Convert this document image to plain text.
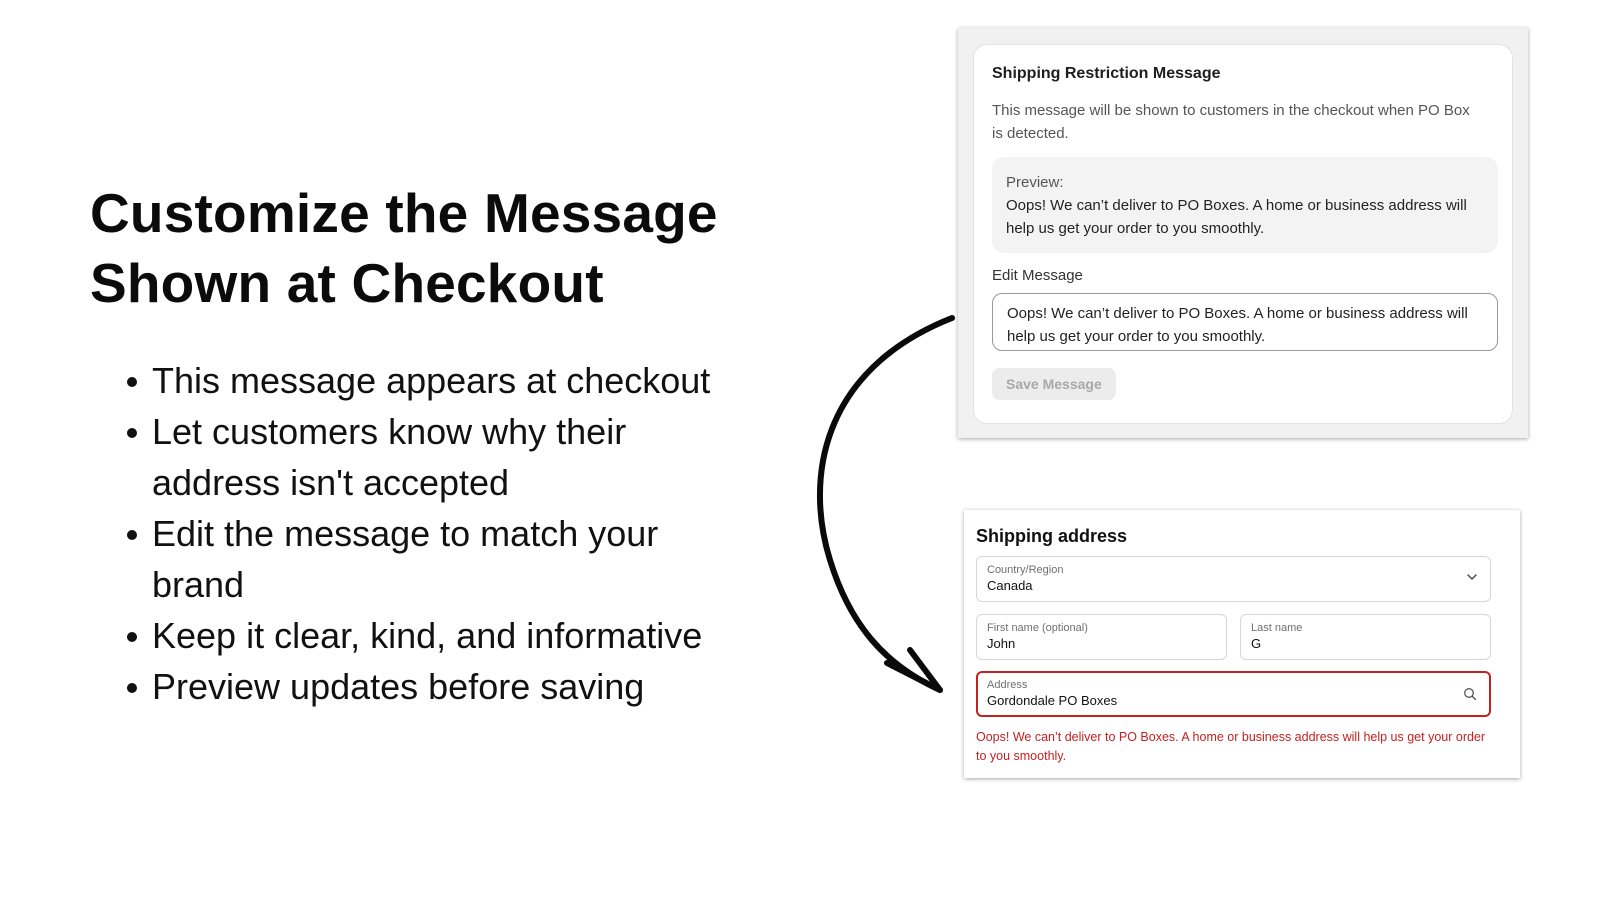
Customize the Message
Shown at Checkout
This message appears at checkout
Let customers know why their
address isn't accepted
Edit the message to match your
brand
Keep it clear, kind, and informative
Preview updates before saving
Shipping Restriction Message
This message will be shown to customers in the checkout when PO Box is detected.
Preview:
Oops! We can’t deliver to PO Boxes. A home or business address will help us get your order to you smoothly.
Edit Message
Oops! We can’t deliver to PO Boxes. A home or business address will help us get your order to you smoothly.
Save Message
Shipping address
Country/Region
Canada
First name (optional)
John
Last name
G
Address
Gordondale PO Boxes
Oops! We can’t deliver to PO Boxes. A home or business address will help us get your order to you smoothly.
